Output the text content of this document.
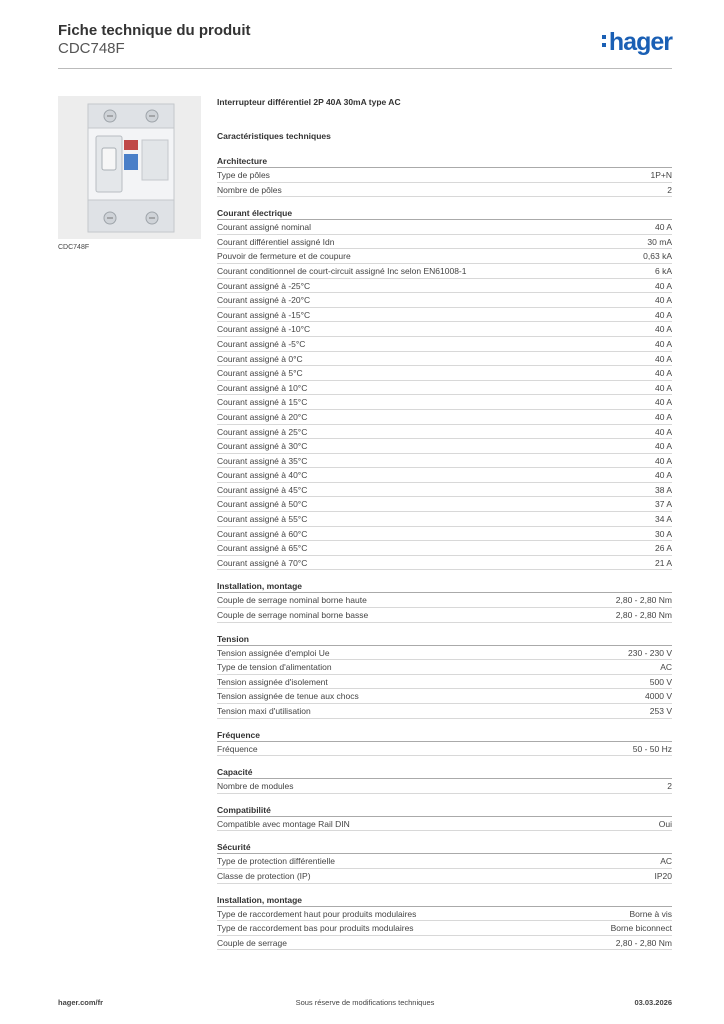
Fiche technique du produit
CDC748F	hager
CDC748F
Interrupteur différentiel 2P 40A 30mA type AC
Caractéristiques techniques
Architecture
Type de pôles	1P+N
Nombre de pôles	2
Courant électrique
Courant assigné nominal	40 A
Courant différentiel assigné Idn	30 mA
Pouvoir de fermeture et de coupure	0,63 kA
Courant conditionnel de court-circuit assigné Inc selon EN61008-1	6 kA
Courant assigné à -25°C	40 A
Courant assigné à -20°C	40 A
Courant assigné à -15°C	40 A
Courant assigné à -10°C	40 A
Courant assigné à -5°C	40 A
Courant assigné à 0°C	40 A
Courant assigné à 5°C	40 A
Courant assigné à 10°C	40 A
Courant assigné à 15°C	40 A
Courant assigné à 20°C	40 A
Courant assigné à 25°C	40 A
Courant assigné à 30°C	40 A
Courant assigné à 35°C	40 A
Courant assigné à 40°C	40 A
Courant assigné à 45°C	38 A
Courant assigné à 50°C	37 A
Courant assigné à 55°C	34 A
Courant assigné à 60°C	30 A
Courant assigné à 65°C	26 A
Courant assigné à 70°C	21 A
Installation, montage
Couple de serrage nominal borne haute	2,80 - 2,80 Nm
Couple de serrage nominal borne basse	2,80 - 2,80 Nm
Tension
Tension assignée d'emploi Ue	230 - 230 V
Type de tension d'alimentation	AC
Tension assignée d'isolement	500 V
Tension assignée de tenue aux chocs	4000 V
Tension maxi d'utilisation	253 V
Fréquence
Fréquence	50 - 50 Hz
Capacité
Nombre de modules	2
Compatibilité
Compatible avec montage Rail DIN	Oui
Sécurité
Type de protection différentielle	AC
Classe de protection (IP)	IP20
Installation, montage
Type de raccordement haut pour produits modulaires	Borne à vis
Type de raccordement bas pour produits modulaires	Borne biconnect
Couple de serrage	2,80 - 2,80 Nm
hager.com/fr	Sous réserve de modifications techniques	03.03.2026
